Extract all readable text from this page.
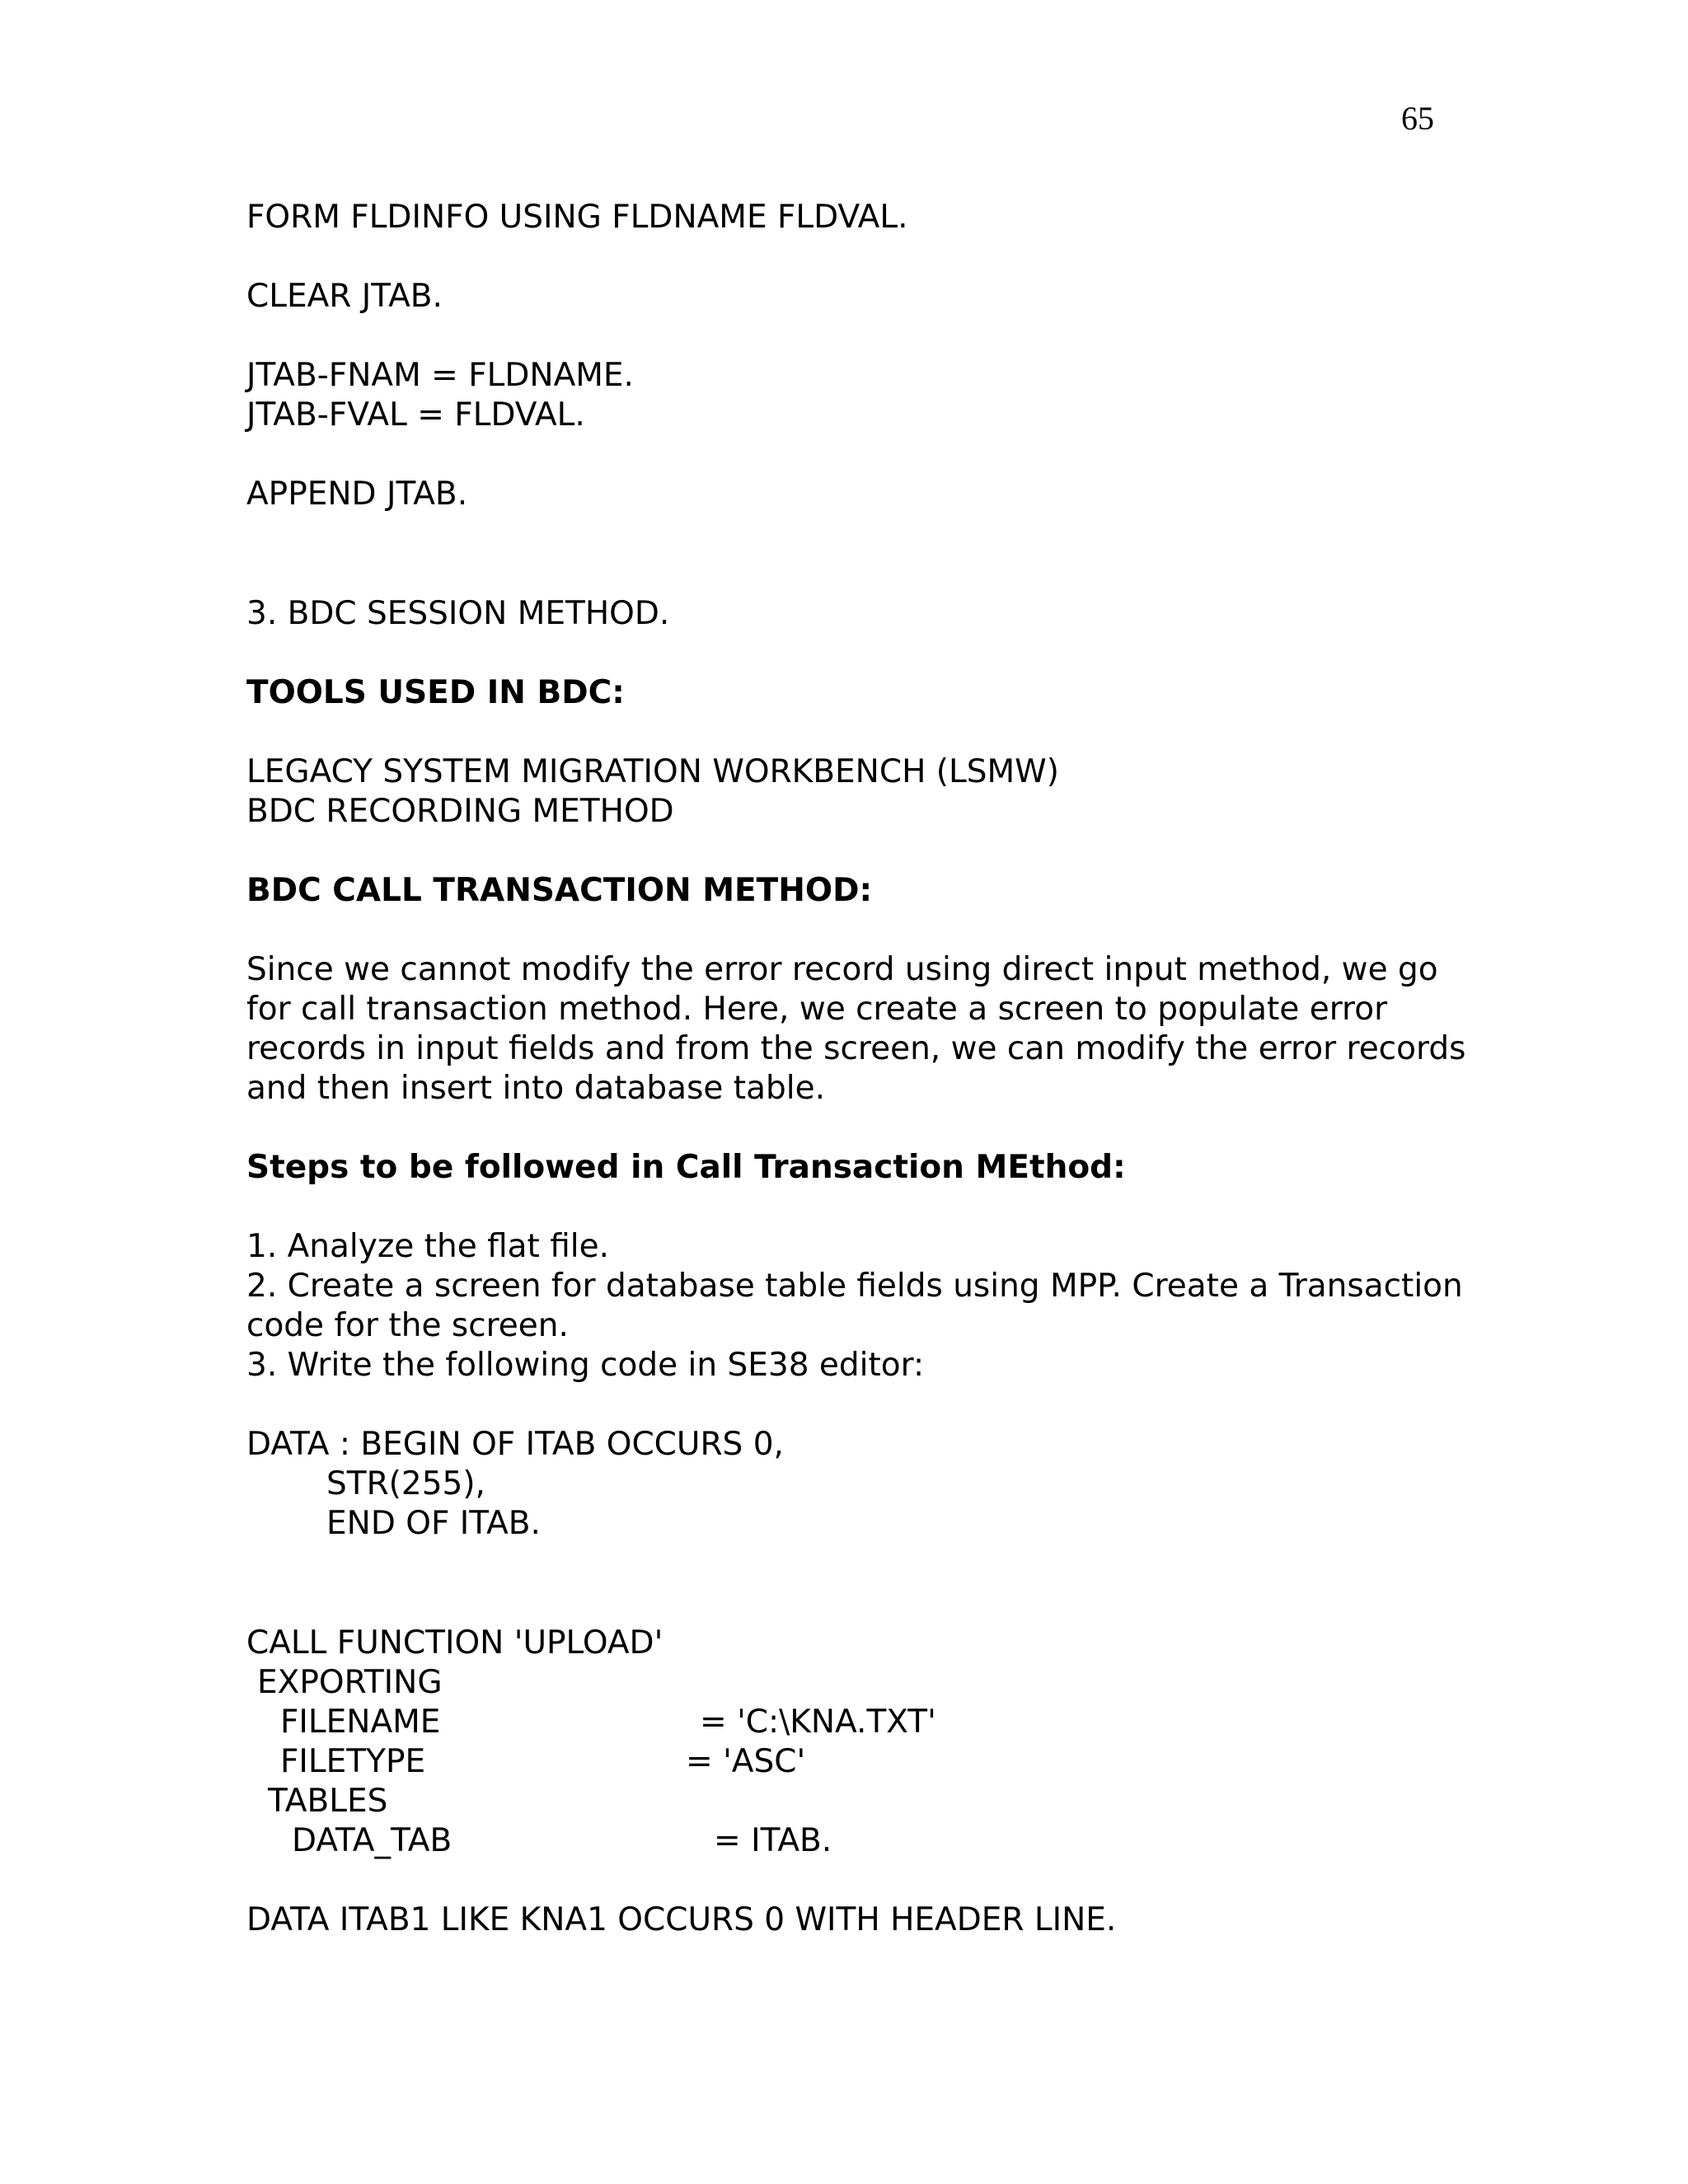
65
FORM FLDINFO USING FLDNAME FLDVAL.
CLEAR JTAB.
JTAB-FNAM = FLDNAME.
JTAB-FVAL = FLDVAL.
APPEND JTAB.
3. BDC SESSION METHOD.
TOOLS USED IN BDC:
LEGACY SYSTEM MIGRATION WORKBENCH (LSMW)
BDC RECORDING METHOD
BDC CALL TRANSACTION METHOD:
Since we cannot modify the error record using direct input method, we go
for call transaction method. Here, we create a screen to populate error
records in input fields and from the screen, we can modify the error records
and then insert into database table.
Steps to be followed in Call Transaction MEthod:
1. Analyze the flat file.
2. Create a screen for database table fields using MPP. Create a Transaction
code for the screen.
3. Write the following code in SE38 editor:
DATA : BEGIN OF ITAB OCCURS 0,
STR(255),
END OF ITAB.
CALL FUNCTION 'UPLOAD'
EXPORTING
FILENAME	= 'C:\KNA.TXT'
FILETYPE	= 'ASC'
TABLES
DATA_TAB	= ITAB.
DATA ITAB1 LIKE KNA1 OCCURS 0 WITH HEADER LINE.
